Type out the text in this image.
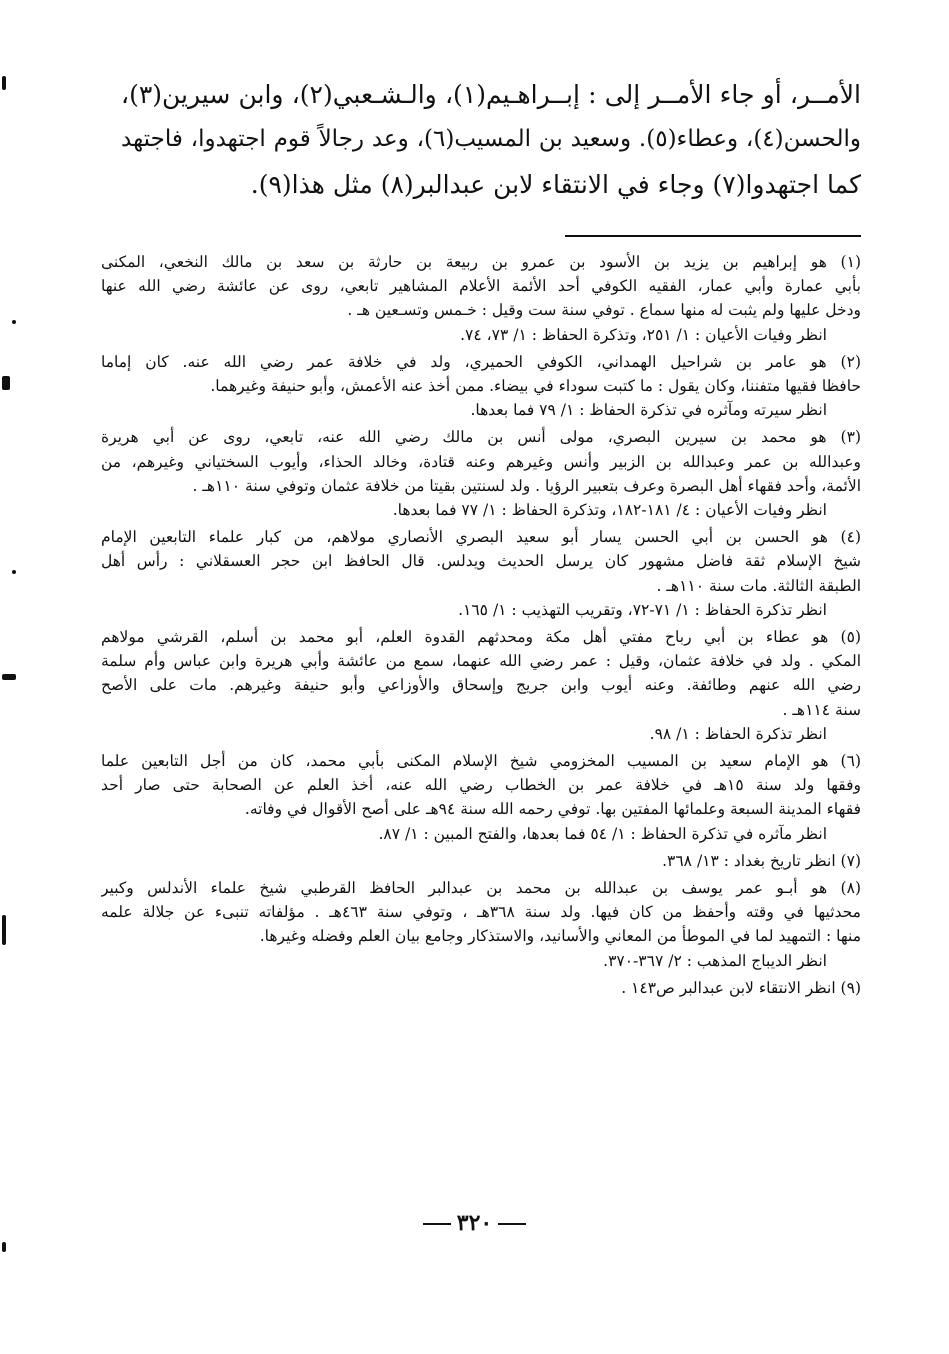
الأمــر، أو جاء الأمــر إلى : إبــراهـيم(١)، والـشـعبي(٢)، وابن سيرين(٣)،
والحسن(٤)، وعطاء(٥). وسعيد بن المسيب(٦)، وعد رجالاً قوم اجتهدوا، فاجتهد
كما اجتهدوا(٧) وجاء في الانتقاء لابن عبدالبر(٨) مثل هذا(٩).
(١) هو إبراهيم بن يزيد بن الأسود بن عمرو بن ربيعة بن حارثة بن سعد بن مالك النخعي، المكنى
بأبي عمارة وأبي عمار، الفقيه الكوفي أحد الأئمة الأعلام المشاهير تابعي، روى عن عائشة رضي الله عنها
ودخل عليها ولم يثبت له منها سماع . توفي سنة ست وقيل : خـمس وتسـعين هـ .
انظر وفيات الأعيان : ١/ ٢٥١، وتذكرة الحفاظ : ١/ ٧٣، ٧٤.
(٢) هو عامر بن شراحيل الهمداني، الكوفي الحميري، ولد في خلافة عمر رضي الله عنه. كان إماما
حافظا فقيها متفننا، وكان يقول : ما كتبت سوداء في بيضاء. ممن أخذ عنه الأعمش، وأبو حنيفة وغيرهما.
انظر سيرته ومآثره في تذكرة الحفاظ : ١/ ٧٩ فما بعدها.
(٣) هو محمد بن سيرين البصري، مولى أنس بن مالك رضي الله عنه، تابعي، روى عن أبي هريرة
وعبدالله بن عمر وعبدالله بن الزبير وأنس وغيرهم وعنه قتادة، وخالد الحذاء، وأيوب السختياني وغيرهم، من
الأئمة، وأحد فقهاء أهل البصرة وعرف بتعبير الرؤيا . ولد لسنتين بقيتا من خلافة عثمان وتوفي سنة ١١٠هـ .
انظر وفيات الأعيان : ٤/ ١٨١-١٨٢، وتذكرة الحفاظ : ١/ ٧٧ فما بعدها.
(٤) هو الحسن بن أبي الحسن يسار أبو سعيد البصري الأنصاري مولاهم، من كبار علماء التابعين الإمام
شيخ الإسلام ثقة فاضل مشهور كان يرسل الحديث ويدلس. قال الحافظ ابن حجر العسقلاني : رأس أهل
الطبقة الثالثة. مات سنة ١١٠هـ .
انظر تذكرة الحفاظ : ١/ ٧١-٧٢، وتقريب التهذيب : ١/ ١٦٥.
(٥) هو عطاء بن أبي رباح مفتي أهل مكة ومحدثهم القدوة العلم، أبو محمد بن أسلم، القرشي مولاهم
المكي . ولد في خلافة عثمان، وقيل : عمر رضي الله عنهما، سمع من عائشة وأبي هريرة وابن عباس وأم سلمة
رضي الله عنهم وطائفة. وعنه أيوب وابن جريج وإسحاق والأوزاعي وأبو حنيفة وغيرهم. مات على الأصح
سنة ١١٤هـ .
انظر تذكرة الحفاظ : ١/ ٩٨.
(٦) هو الإمام سعيد بن المسيب المخزومي شيخ الإسلام المكنى بأبي محمد، كان من أجل التابعين علما
وفقها ولد سنة ١٥هـ في خلافة عمر بن الخطاب رضي الله عنه، أخذ العلم عن الصحابة حتى صار أحد
فقهاء المدينة السبعة وعلمائها المفتين بها. توفي رحمه الله سنة ٩٤هـ على أصح الأقوال في وفاته.
انظر مآثره في تذكرة الحفاظ : ١/ ٥٤ فما بعدها، والفتح المبين : ١/ ٨٧.
(٧) انظر تاريخ بغداد : ١٣/ ٣٦٨.
(٨) هو أبـو عمر يوسف بن عبدالله بن محمد بن عبدالبر الحافظ القرطبي شيخ علماء الأندلس وكبير
محدثيها في وقته وأحفظ من كان فيها. ولد سنة ٣٦٨هـ ، وتوفي سنة ٤٦٣هـ . مؤلفاته تنبىء عن جلالة علمه
منها : التمهيد لما في الموطأ من المعاني والأسانيد، والاستذكار وجامع بيان العلم وفضله وغيرها.
انظر الديباج المذهب : ٢/ ٣٦٧-٣٧٠.
(٩) انظر الانتقاء لابن عبدالبر ص١٤٣ .
٣٢٠
